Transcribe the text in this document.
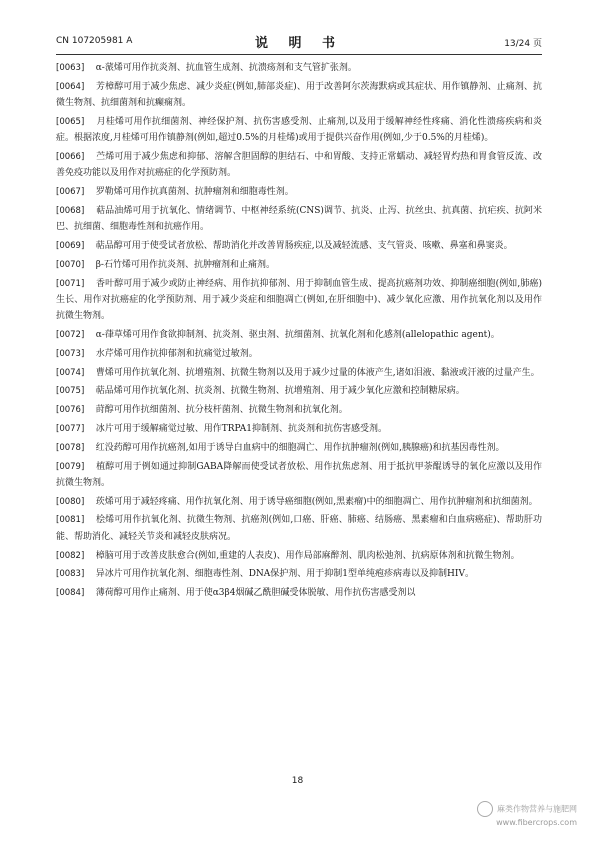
CN 107205981 A	说 明 书	13/24 页

[0063] α-蒎烯可用作抗炎剂、抗血管生成剂、抗溃疡剂和支气管扩张剂。

[0064] 芳樟醇可用于减少焦虑、减少炎症(例如,肺部炎症)、用于改善阿尔茨海默病或其症状、用作镇静剂、止痛剂、抗微生物剂、抗细菌剂和抗癫痫剂。

[0065] 月桂烯可用作抗细菌剂、神经保护剂、抗伤害感受剂、止痛剂,以及用于缓解神经性疼痛、消化性溃疡疾病和炎症。根据浓度,月桂烯可用作镇静剂(例如,超过0.5%的月桂烯)或用于提供兴奋作用(例如,少于0.5%的月桂烯)。

[0066] 苎烯可用于减少焦虑和抑郁、溶解含胆固醇的胆结石、中和胃酸、支持正常蠕动、减轻胃灼热和胃食管反流、改善免疫功能以及用作对抗癌症的化学预防剂。

[0067] 罗勒烯可用作抗真菌剂、抗肿瘤剂和细胞毒性剂。

[0068] 萜品油烯可用于抗氧化、情绪调节、中枢神经系统(CNS)调节、抗炎、止泻、抗丝虫、抗真菌、抗疟疾、抗阿米巴、抗细菌、细胞毒性剂和抗癌作用。

[0069] 萜品醇可用于使受试者放松、帮助消化并改善胃肠疾症,以及减轻流感、支气管炎、咳嗽、鼻塞和鼻窦炎。

[0070] β-石竹烯可用作抗炎剂、抗肿瘤剂和止痛剂。

[0071] 香叶醇可用于减少或防止神经病、用作抗抑郁剂、用于抑制血管生成、提高抗癌剂功效、抑制癌细胞(例如,肺癌)生长、用作对抗癌症的化学预防剂、用于减少炎症和细胞凋亡(例如,在肝细胞中)、减少氧化应激、用作抗氧化剂以及用作抗微生物剂。

[0072] α-葎草烯可用作食欲抑制剂、抗炎剂、驱虫剂、抗细菌剂、抗氧化剂和化感剂(allelopathic agent)。

[0073] 水芹烯可用作抗抑郁剂和抗痛觉过敏剂。

[0074] 曹烯可用作抗氧化剂、抗增殖剂、抗微生物剂以及用于减少过量的体液产生,诸如泪液、黏液或汗液的过量产生。

[0075] 萜品烯可用作抗氧化剂、抗炎剂、抗微生物剂、抗增殖剂、用于减少氧化应激和控制糖尿病。

[0076] 莳醇可用作抗细菌剂、抗分枝杆菌剂、抗微生物剂和抗氧化剂。

[0077] 冰片可用于缓解痛觉过敏、用作TRPA1抑制剂、抗炎剂和抗伤害感受剂。

[0078] 红没药醇可用作抗癌剂,如用于诱导白血病中的细胞凋亡、用作抗肿瘤剂(例如,胰腺癌)和抗基因毒性剂。

[0079] 植醇可用于例如通过抑制GABA降解而使受试者放松、用作抗焦虑剂、用于抵抗甲荼醌诱导的氧化应激以及用作抗微生物剂。

[0080] 莰烯可用于减轻疼痛、用作抗氧化剂、用于诱导癌细胞(例如,黑素瘤)中的细胞凋亡、用作抗肿瘤剂和抗细菌剂。

[0081] 桧烯可用作抗氧化剂、抗微生物剂、抗癌剂(例如,口癌、肝癌、肺癌、结肠癌、黑素瘤和白血病癌症)、帮助肝功能、帮助消化、减轻关节炎和减轻皮肤病况。

[0082] 樟脑可用于改善皮肤愈合(例如,重建的人表皮)、用作局部麻醉剂、肌肉松弛剂、抗病原体剂和抗微生物剂。

[0083] 异冰片可用作抗氧化剂、细胞毒性剂、DNA保护剂、用于抑制1型单纯疱疹病毒以及抑制HIV。

[0084] 薄荷醇可用作止痛剂、用于使α3β4烟碱乙酰胆碱受体脱敏、用作抗伤害感受剂以

18
麻类作物营养与施肥网
www.fibercrops.com
